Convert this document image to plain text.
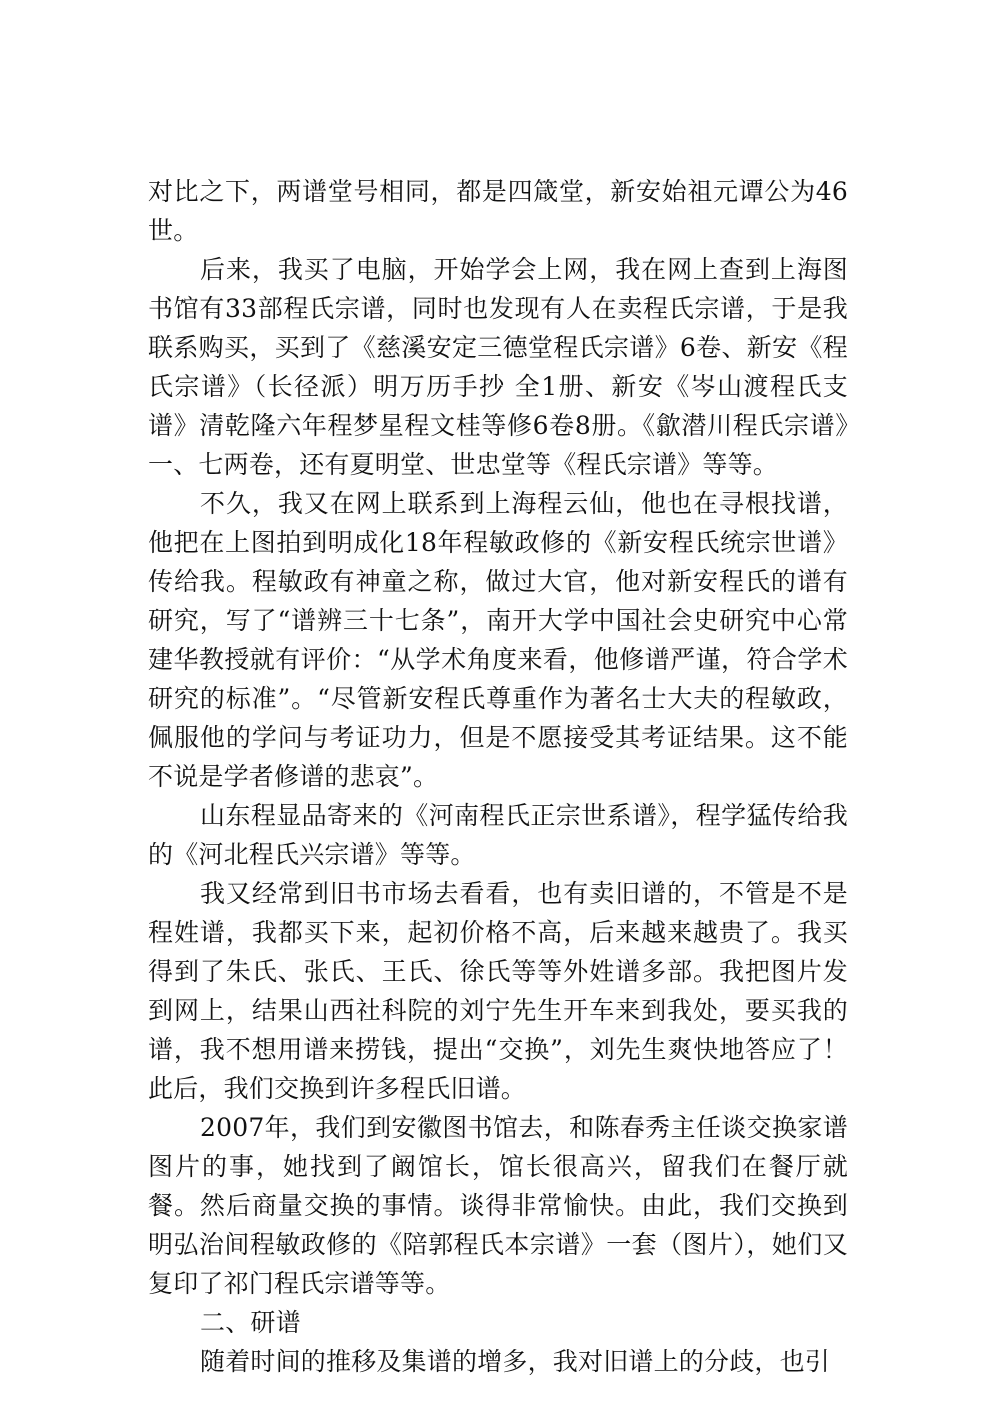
对比之下，两谱堂号相同，都是四箴堂，新安始祖元谭公为46世。

后来，我买了电脑，开始学会上网，我在网上查到上海图书馆有33部程氏宗谱，同时也发现有人在卖程氏宗谱，于是我联系购买，买到了《慈溪安定三德堂程氏宗谱》6卷、新安《程氏宗谱》（长径派）明万历手抄 全1册、新安《岑山渡程氏支谱》清乾隆六年程梦星程文桂等修6卷8册。《歙潜川程氏宗谱》一、七两卷，还有夏明堂、世忠堂等《程氏宗谱》等等。

不久，我又在网上联系到上海程云仙，他也在寻根找谱，他把在上图拍到明成化18年程敏政修的《新安程氏统宗世谱》传给我。程敏政有神童之称，做过大官，他对新安程氏的谱有研究，写了“谱辨三十七条”，南开大学中国社会史研究中心常建华教授就有评价：“从学术角度来看，他修谱严谨，符合学术研究的标准”。“尽管新安程氏尊重作为著名士大夫的程敏政，佩服他的学问与考证功力，但是不愿接受其考证结果。这不能不说是学者修谱的悲哀”。

山东程显品寄来的《河南程氏正宗世系谱》，程学猛传给我的《河北程氏兴宗谱》等等。

我又经常到旧书市场去看看，也有卖旧谱的，不管是不是程姓谱，我都买下来，起初价格不高，后来越来越贵了。我买得到了朱氏、张氏、王氏、徐氏等等外姓谱多部。我把图片发到网上，结果山西社科院的刘宁先生开车来到我处，要买我的谱，我不想用谱来捞钱，提出“交换”，刘先生爽快地答应了！此后，我们交换到许多程氏旧谱。

2007年，我们到安徽图书馆去，和陈春秀主任谈交换家谱图片的事，她找到了阚馆长，馆长很高兴，留我们在餐厅就餐。然后商量交换的事情。谈得非常愉快。由此，我们交换到明弘治间程敏政修的《陪郭程氏本宗谱》一套（图片），她们又复印了祁门程氏宗谱等等。

二、研谱

随着时间的推移及集谱的增多，我对旧谱上的分歧，也引
